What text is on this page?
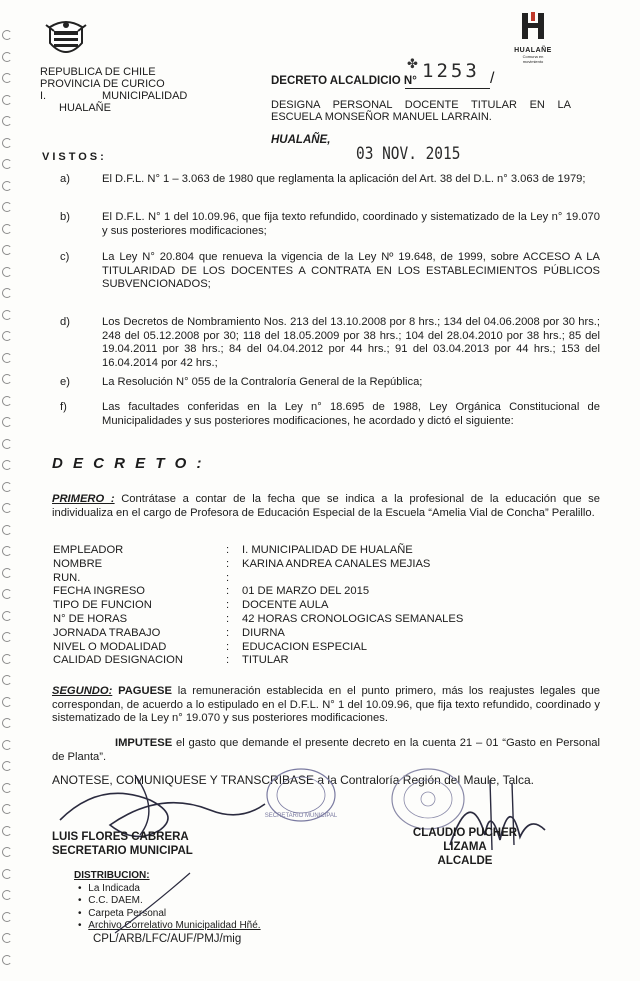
REPUBLICA DE CHILE
PROVINCIA DE CURICO
I.	MUNICIPALIDAD
HUALAÑE
HUALAÑE
Comuna en movimiento
DECRETO ALCALDICIO N°	/
✤ 1253
DESIGNA PERSONAL DOCENTE TITULAR EN LA ESCUELA MONSEÑOR MANUEL LARRAIN.
HUALAÑE,
03 NOV. 2015
VISTOS:
a)	El D.F.L. N° 1 – 3.063 de 1980 que reglamenta la aplicación del Art. 38 del D.L. n° 3.063 de 1979;
b)	El D.F.L. N° 1 del 10.09.96, que fija texto refundido, coordinado y sistematizado de la Ley n° 19.070 y sus posteriores modificaciones;
c)	La Ley N° 20.804 que renueva la vigencia de la Ley Nº 19.648, de 1999, sobre ACCESO A LA TITULARIDAD DE LOS DOCENTES A CONTRATA EN LOS ESTABLECIMIENTOS PÚBLICOS SUBVENCIONADOS;
d)	Los Decretos de Nombramiento Nos. 213 del 13.10.2008 por 8 hrs.; 134 del 04.06.2008 por 30 hrs.; 248 del 05.12.2008 por 30; 118 del 18.05.2009 por 38 hrs.; 104 del 28.04.2010 por 38 hrs.; 85 del 19.04.2011 por 38 hrs.; 84 del 04.04.2012 por 44 hrs.; 91 del 03.04.2013 por 44 hrs.; 153 del 16.04.2014 por 42 hrs.;
e)	La Resolución N° 055 de la Contraloría General de la República;
f)	Las facultades conferidas en la Ley n° 18.695 de 1988, Ley Orgánica Constitucional de Municipalidades y sus posteriores modificaciones, he acordado y dictó el siguiente:
D E C R E T O :
PRIMERO : Contrátase a contar de la fecha que se indica a la profesional de la educación que se individualiza en el cargo de Profesora de Educación Especial de la Escuela “Amelia Vial de Concha” Peralillo.
EMPLEADOR	: I. MUNICIPALIDAD DE HUALAÑE
NOMBRE	: KARINA ANDREA CANALES MEJIAS
RUN.	:
FECHA INGRESO	: 01 DE MARZO DEL 2015
TIPO DE FUNCION	: DOCENTE AULA
N° DE HORAS	: 42 HORAS CRONOLOGICAS SEMANALES
JORNADA TRABAJO	: DIURNA
NIVEL O MODALIDAD	: EDUCACION ESPECIAL
CALIDAD DESIGNACION	: TITULAR
SEGUNDO: PAGUESE la remuneración establecida en el punto primero, más los reajustes legales que correspondan, de acuerdo a lo estipulado en el D.F.L. N° 1 del 10.09.96, que fija texto refundido, coordinado y sistematizado de la Ley n° 19.070 y sus posteriores modificaciones.
IMPUTESE el gasto que demande el presente decreto en la cuenta 21 – 01 “Gasto en Personal de Planta”.
ANOTESE, COMUNIQUESE Y TRANSCRIBASE a la Contraloría Región del Maule, Talca.
SECRETARIO MUNICIPAL
LUIS FLORES CABRERA
SECRETARIO MUNICIPAL
CLAUDIO PUCHER LIZAMA
ALCALDE
DISTRIBUCION:
• La Indicada
• C.C. DAEM.
• Carpeta Personal
• Archivo Correlativo Municipalidad Hñé.
CPL/ARB/LFC/AUF/PMJ/mig
